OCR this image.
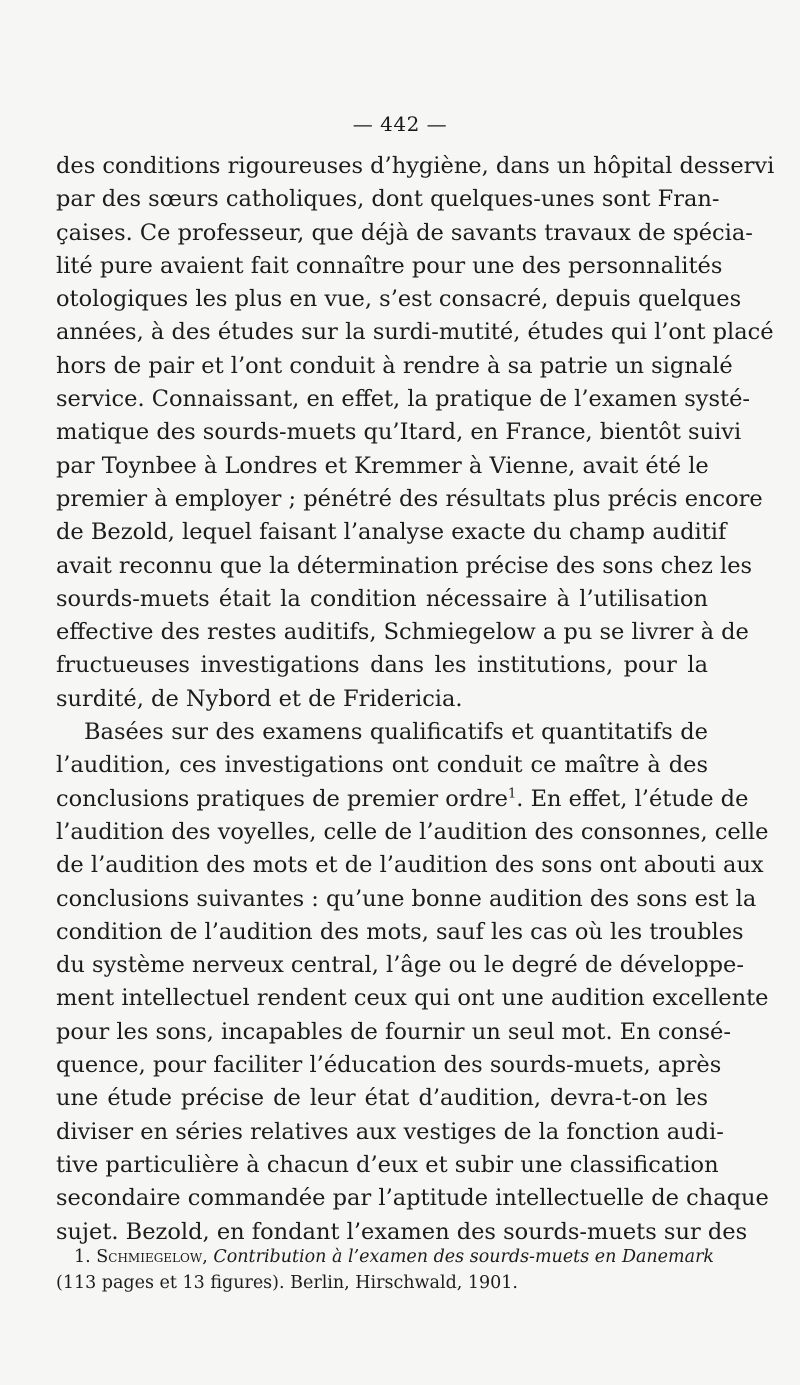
— 442 —
des conditions rigoureuses d’hygiène, dans un hôpital desservi
par des sœurs catholiques, dont quelques-unes sont Fran-
çaises. Ce professeur, que déjà de savants travaux de spécia-
lité pure avaient fait connaître pour une des personnalités
otologiques les plus en vue, s’est consacré, depuis quelques
années, à des études sur la surdi-mutité, études qui l’ont placé
hors de pair et l’ont conduit à rendre à sa patrie un signalé
service. Connaissant, en effet, la pratique de l’examen systé-
matique des sourds-muets qu’Itard, en France, bientôt suivi
par Toynbee à Londres et Kremmer à Vienne, avait été le
premier à employer ; pénétré des résultats plus précis encore
de Bezold, lequel faisant l’analyse exacte du champ auditif
avait reconnu que la détermination précise des sons chez les
sourds-muets était la condition nécessaire à l’utilisation
effective des restes auditifs, Schmiegelow a pu se livrer à de
fructueuses investigations dans les institutions, pour la
surdité, de Nybord et de Fridericia.
Basées sur des examens qualificatifs et quantitatifs de
l’audition, ces investigations ont conduit ce maître à des
conclusions pratiques de premier ordre$^1$. En effet, l’étude de
l’audition des voyelles, celle de l’audition des consonnes, celle
de l’audition des mots et de l’audition des sons ont abouti aux
conclusions suivantes : qu’une bonne audition des sons est la
condition de l’audition des mots, sauf les cas où les troubles
du système nerveux central, l’âge ou le degré de développe-
ment intellectuel rendent ceux qui ont une audition excellente
pour les sons, incapables de fournir un seul mot. En consé-
quence, pour faciliter l’éducation des sourds-muets, après
une étude précise de leur état d’audition, devra-t-on les
diviser en séries relatives aux vestiges de la fonction audi-
tive particulière à chacun d’eux et subir une classification
secondaire commandée par l’aptitude intellectuelle de chaque
sujet. Bezold, en fondant l’examen des sourds-muets sur des
1. Schmiegelow, Contribution à l’examen des sourds-muets en Danemark
(113 pages et 13 figures). Berlin, Hirschwald, 1901.
